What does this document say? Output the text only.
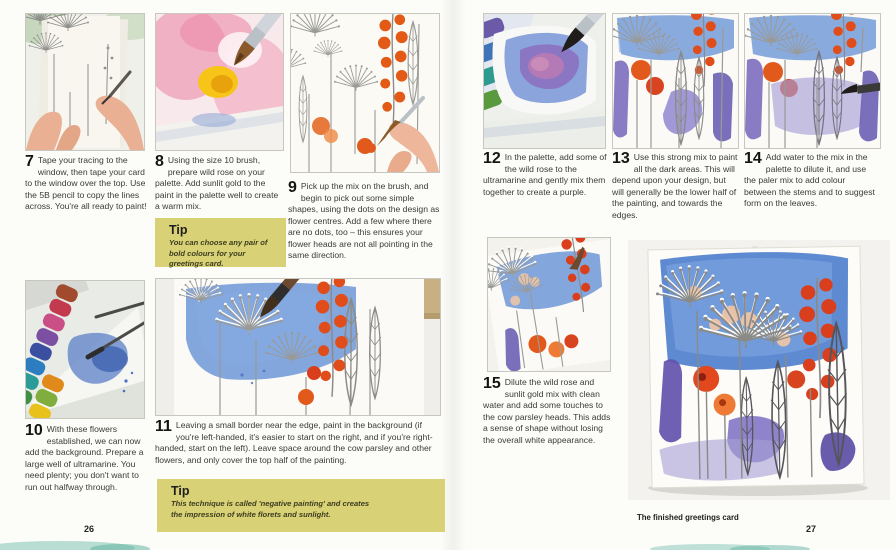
7 Tape your tracing to the window, then tape your card to the window over the top. Use the 5B pencil to copy the lines across. You're all ready to paint!
8 Using the size 10 brush, prepare wild rose on your palette. Add sunlit gold to the paint in the palette well to create a warm mix.
Tip
You can choose any pair of bold colours for your greetings card.
9 Pick up the mix on the brush, and begin to pick out some simple shapes, using the dots on the design as flower centres. Add a few where there are no dots, too – this ensures your flower heads are not all pointing in the same direction.
10 With these flowers established, we can now add the background. Prepare a large well of ultramarine. You need plenty; you don't want to run out halfway through.
11 Leaving a small border near the edge, paint in the background (if you're left-handed, it's easier to start on the right, and if you're right-handed, start on the left). Leave space around the cow parsley and other flowers, and only cover the top half of the painting.
Tip
This technique is called 'negative painting' and creates the impression of white florets and sunlight.
26
12 In the palette, add some of the wild rose to the ultramarine and gently mix them together to create a purple.
13 Use this strong mix to paint all the dark areas. This will depend upon your design, but will generally be the lower half of the painting, and towards the edges.
14 Add water to the mix in the palette to dilute it, and use the paler mix to add colour between the stems and to suggest form on the leaves.
15 Dilute the wild rose and sunlit gold mix with clean water and add some touches to the cow parsley heads. This adds a sense of shape without losing the overall white appearance.
The finished greetings card
27
